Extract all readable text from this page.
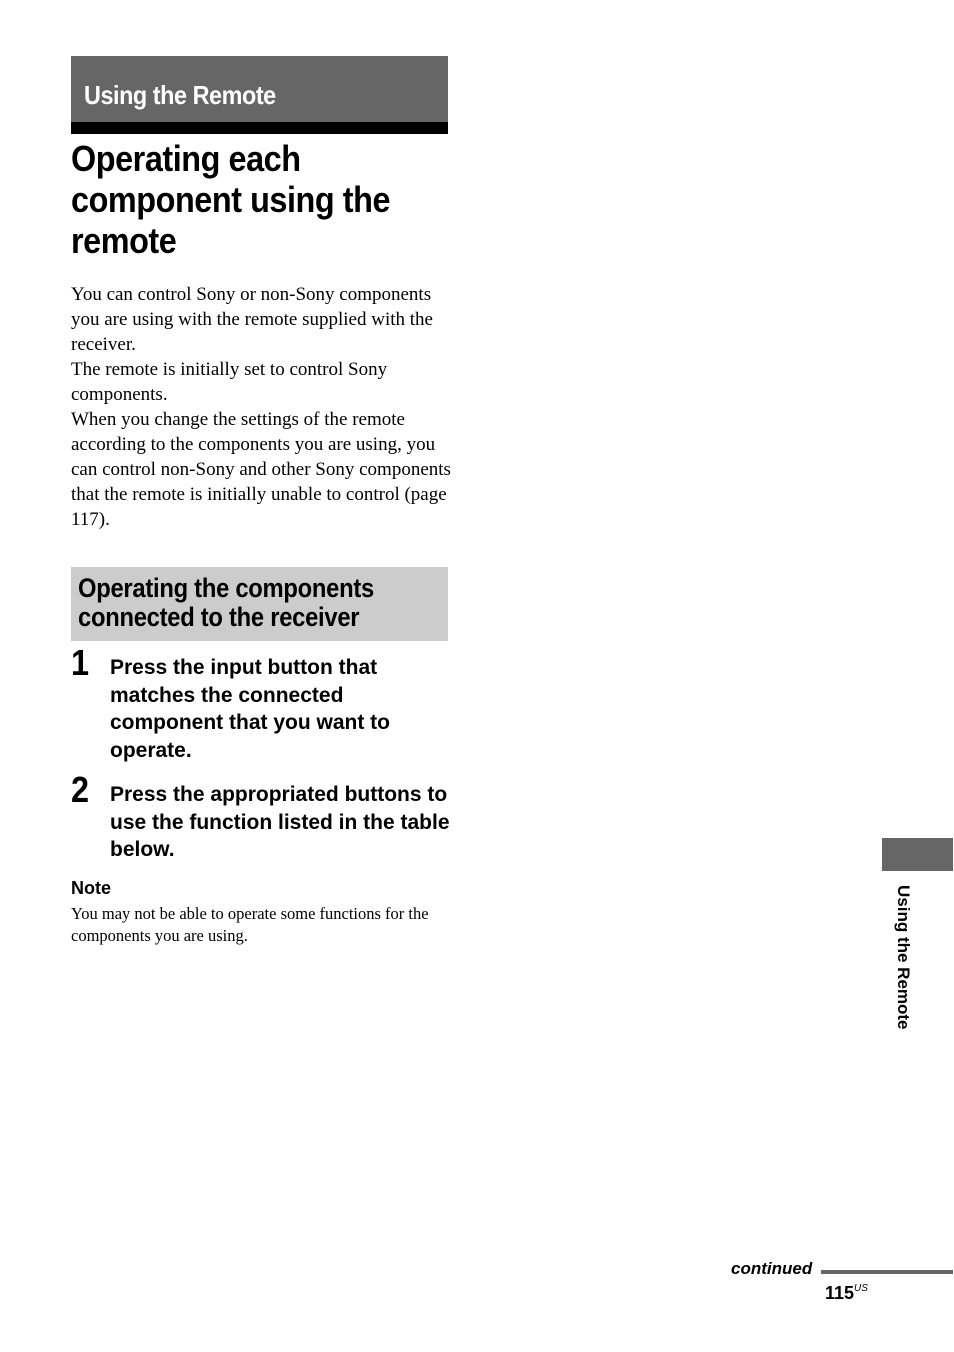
Using the Remote
Operating each component using the remote

You can control Sony or non-Sony components you are using with the remote supplied with the receiver.

The remote is initially set to control Sony components.

When you change the settings of the remote according to the components you are using, you can control non-Sony and other Sony components that the remote is initially unable to control (page 117).

Operating the components connected to the receiver
1 Press the input button that matches the connected component that you want to operate.
2 Press the appropriated buttons to use the function listed in the table below.
Note
You may not be able to operate some functions for the components you are using.	Using the Remote
continued
$115^{US}$
